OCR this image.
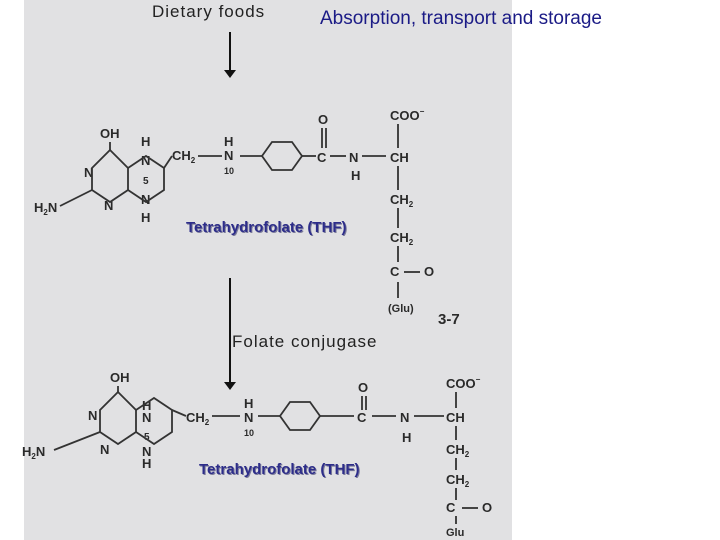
Absorption, transport and storage
Dietary foods
OH
$H_2N$
N
N
H
N
5
N
H
$CH_2$
H
N
10
O
C N
H
COO−
CH
$CH_2$
$CH_2$
C O
(Glu)
3-7
OH
$H_2N$
N
N
H
N
5
N
H
$CH_2$
H
N
10
O
C	N
H
COO−
CH
$CH_2$
$CH_2$
C O
Glu
Tetrahydrofolate (THF)
Folate conjugase
Tetrahydrofolate (THF)
